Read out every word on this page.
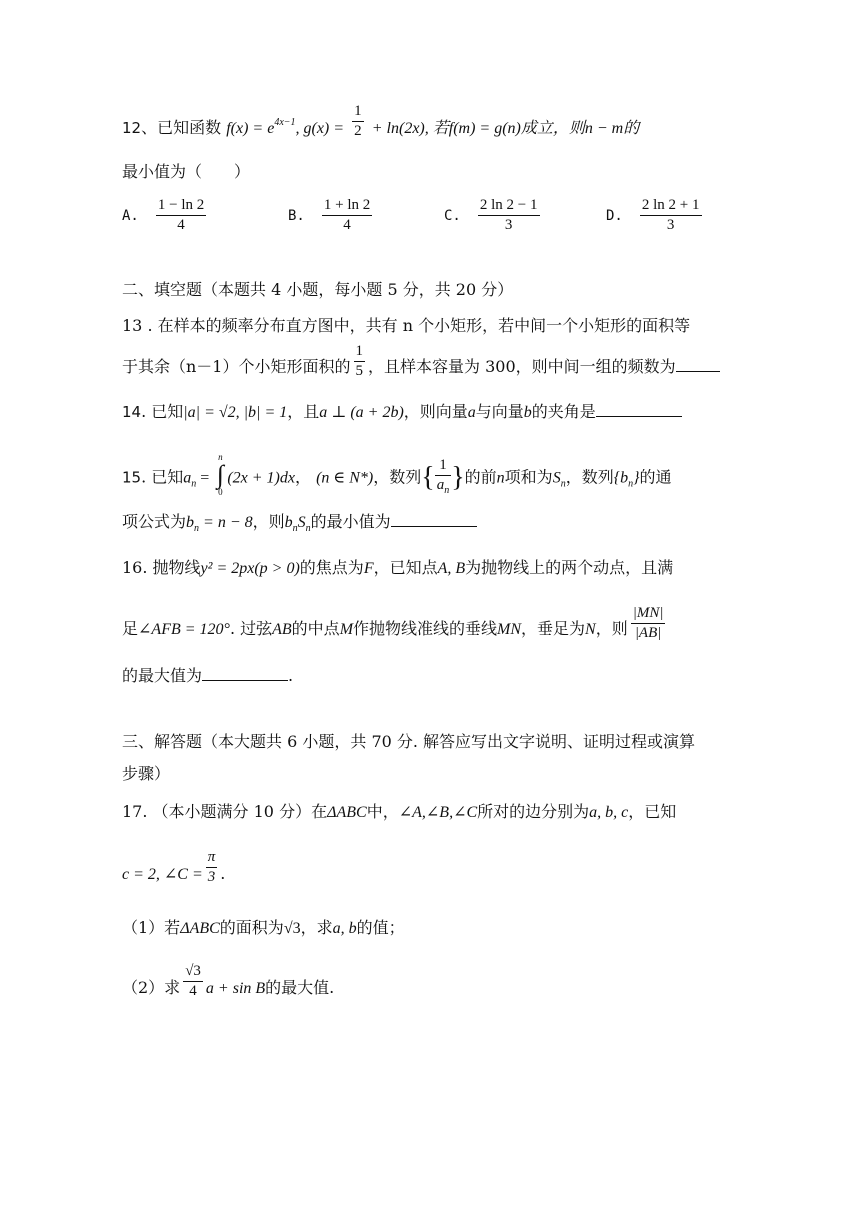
12、已知函数 $f(x) = e^{4x-1}$, $g(x) = \frac{1}{2} + \ln(2x)$, 若f(m) = g(n)成立，则n − m的
最小值为（　　）
A. $\frac{1 - \ln 2}{4}$	B. $\frac{1 + \ln 2}{4}$	C. $\frac{2 \ln 2 - 1}{3}$	D. $\frac{2 \ln 2 + 1}{3}$
二、填空题（本题共 4 小题，每小题 5 分，共 20 分）
13 . 在样本的频率分布直方图中，共有 n 个小矩形，若中间一个小矩形的面积等
于其余（n－1）个小矩形面积的 $\frac{1}{5}$ ，且样本容量为 300，则中间一组的频数为
14. 已知|a| = √2, |b| = 1，且a ⊥ (a + 2b)，则向量a与向量b的夹角是
15. 已知$a_n$ =
n
∫
0
(2x + 1)dx， (n ∈ N*)，数列{ $\frac{1}{a_n}$ }的前n项和为$S_n$，数列$\{b_n\}$的通
项公式为$b_n = n - 8$，则$b_nS_n$的最小值为
16. 抛物线y² = 2px(p > 0)的焦点为F，已知点A, B为抛物线上的两个动点，且满
足∠AFB = 120°. 过弦AB的中点M作抛物线准线的垂线MN，垂足为N，则 $\frac{|MN|}{|AB|}$
的最大值为	.
三、解答题（本大题共 6 小题，共 70 分. 解答应写出文字说明、证明过程或演算
步骤）
17. （本小题满分 10 分）在ΔABC中，∠A,∠B,∠C所对的边分别为a, b, c，已知
c = 2, ∠C = $\frac{\pi}{3}$ .
（1）若ΔABC的面积为√3，求a, b的值；
（2）求 $\frac{√3}{4}$ a + sin B的最大值.
